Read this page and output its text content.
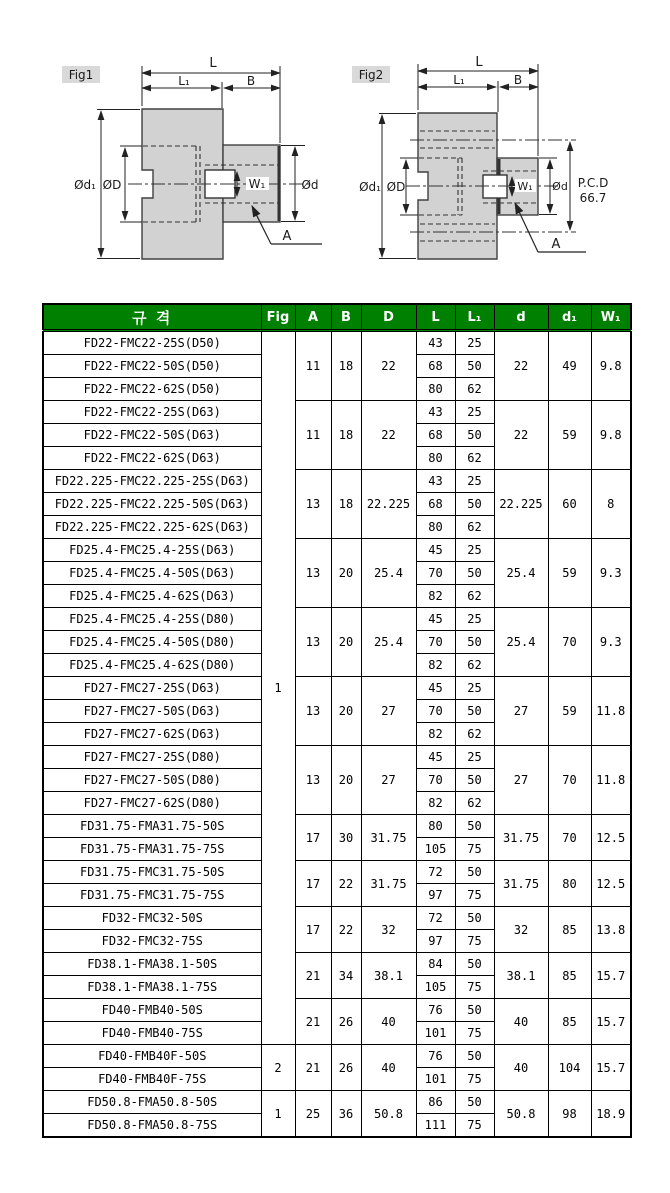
Fig1
L
L₁	B
Ød₁ ØD	Ød
W₁
A
Fig2
L
L₁	B
Ød₁ ØD	Ød
W₁	P.C.D
66.7
A
규 격	Fig	A	B	D	L	L₁	d	d₁	W₁
FD22-FMC22-25S(D50)	1	11	18	22	43	25	22	49	9.8
FD22-FMC22-50S(D50)					68	50			
FD22-FMC22-62S(D50)					80	62			
FD22-FMC22-25S(D63)		11	18	22	43	25	22	59	9.8
FD22-FMC22-50S(D63)					68	50			
FD22-FMC22-62S(D63)					80	62			
FD22.225-FMC22.225-25S(D63)		13	18	22.225	43	25	22.225	60	8
FD22.225-FMC22.225-50S(D63)					68	50			
FD22.225-FMC22.225-62S(D63)					80	62			
FD25.4-FMC25.4-25S(D63)		13	20	25.4	45	25	25.4	59	9.3
FD25.4-FMC25.4-50S(D63)					70	50			
FD25.4-FMC25.4-62S(D63)					82	62			
FD25.4-FMC25.4-25S(D80)		13	20	25.4	45	25	25.4	70	9.3
FD25.4-FMC25.4-50S(D80)					70	50			
FD25.4-FMC25.4-62S(D80)					82	62			
FD27-FMC27-25S(D63)		13	20	27	45	25	27	59	11.8
FD27-FMC27-50S(D63)					70	50			
FD27-FMC27-62S(D63)					82	62			
FD27-FMC27-25S(D80)		13	20	27	45	25	27	70	11.8
FD27-FMC27-50S(D80)					70	50			
FD27-FMC27-62S(D80)					82	62			
FD31.75-FMA31.75-50S		17	30	31.75	80	50	31.75	70	12.5
FD31.75-FMA31.75-75S					105	75			
FD31.75-FMC31.75-50S		17	22	31.75	72	50	31.75	80	12.5
FD31.75-FMC31.75-75S					97	75			
FD32-FMC32-50S		17	22	32	72	50	32	85	13.8
FD32-FMC32-75S					97	75			
FD38.1-FMA38.1-50S		21	34	38.1	84	50	38.1	85	15.7
FD38.1-FMA38.1-75S					105	75			
FD40-FMB40-50S		21	26	40	76	50	40	85	15.7
FD40-FMB40-75S					101	75			
FD40-FMB40F-50S	2	21	26	40	76	50	40	104	15.7
FD40-FMB40F-75S					101	75			
FD50.8-FMA50.8-50S	1	25	36	50.8	86	50	50.8	98	18.9
FD50.8-FMA50.8-75S					111	75			
